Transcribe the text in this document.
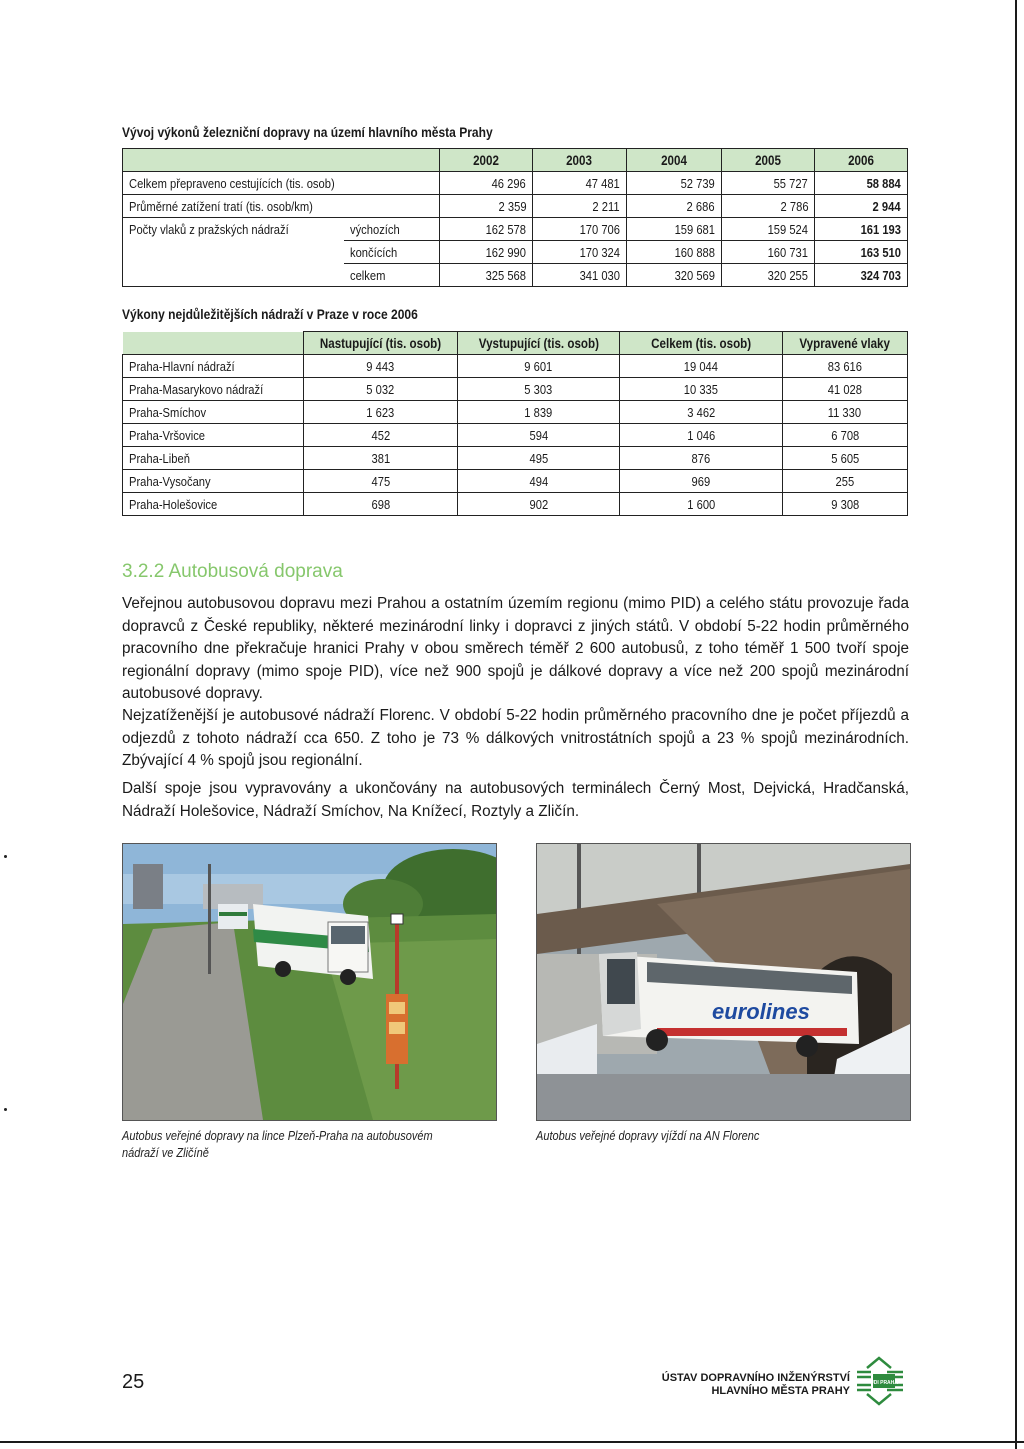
Vývoj výkonů železniční dopravy na území hlavního města Prahy
		2002	2003	2004	2005	2006
Celkem přepraveno cestujících (tis. osob)		46 296	47 481	52 739	55 727	58 884
Průměrné zatížení tratí (tis. osob/km)		2 359	2 211	2 686	2 786	2 944
Počty vlaků z pražských nádraží	výchozích	162 578	170 706	159 681	159 524	161 193
	končících	162 990	170 324	160 888	160 731	163 510
	celkem	325 568	341 030	320 569	320 255	324 703
Výkony nejdůležitějších nádraží v Praze v roce 2006
	Nastupující (tis. osob)	Vystupující (tis. osob)	Celkem (tis. osob)	Vypravené vlaky
Praha-Hlavní nádraží	9 443	9 601	19 044	83 616
Praha-Masarykovo nádraží	5 032	5 303	10 335	41 028
Praha-Smíchov	1 623	1 839	3 462	11 330
Praha-Vršovice	452	594	1 046	6 708
Praha-Libeň	381	495	876	5 605
Praha-Vysočany	475	494	969	255
Praha-Holešovice	698	902	1 600	9 308
3.2.2 Autobusová doprava

Veřejnou autobusovou dopravu mezi Prahou a ostatním územím regionu (mimo PID) a celého státu provozuje řada dopravců z České republiky, některé mezinárodní linky i dopravci z jiných států. V období 5-22 hodin průměrného pracovního dne překračuje hranici Prahy v obou směrech téměř 2 600 autobusů, z toho téměř 1 500 tvoří spoje regionální dopravy (mimo spoje PID), více než 900 spojů je dálkové dopravy a více než 200 spojů mezinárodní autobusové dopravy.

Nejzatíženější je autobusové nádraží Florenc. V období 5-22 hodin průměrného pracovního dne je počet příjezdů a odjezdů z tohoto nádraží cca 650. Z toho je 73 % dálkových vnitrostátních spojů a 23 % spojů mezinárodních. Zbývající 4 % spojů jsou regionální.

Další spoje jsou vypravovány a ukončovány na autobusových terminálech Černý Most, Dejvická, Hradčanská, Nádraží Holešovice, Nádraží Smíchov, Na Knížecí, Roztyly a Zličín.

Autobus veřejné dopravy na lince Plzeň-Praha na autobusovém
nádraží ve Zličíně
eurolines
Autobus veřejné dopravy vjíždí na AN Florenc
25	ÚSTAV DOPRAVNÍHO INŽENÝRSTVÍ
HLAVNÍHO MĚSTA PRAHY
ÚDI PRAHA
